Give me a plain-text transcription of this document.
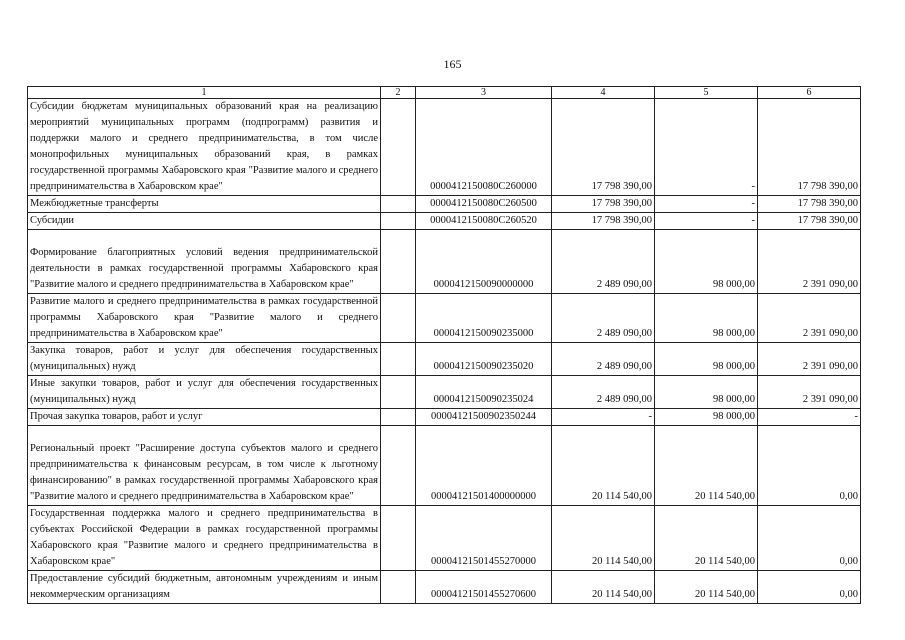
165
1	2	3	4	5	6
Субсидии бюджетам муниципальных образований края на реализацию мероприятий муниципальных программ (подпрограмм) развития и поддержки малого и среднего предпринимательства, в том числе монопрофильных муниципальных образований края, в рамках государственной программы Хабаровского края "Развитие малого и среднего предпринимательства в Хабаровском крае"		0000412150080C260000	17 798 390,00	-	17 798 390,00
Межбюджетные трансферты		0000412150080C260500	17 798 390,00	-	17 798 390,00
Субсидии		0000412150080C260520	17 798 390,00	-	17 798 390,00
Формирование благоприятных условий ведения предпринимательской деятельности в рамках государственной программы Хабаровского края "Развитие малого и среднего предпринимательства в Хабаровском крае"		0000412150090000000	2 489 090,00	98 000,00	2 391 090,00
Развитие малого и среднего предпринимательства в рамках государственной программы Хабаровского края "Развитие малого и среднего предпринимательства в Хабаровском крае"		0000412150090235000	2 489 090,00	98 000,00	2 391 090,00
Закупка товаров, работ и услуг для обеспечения государственных (муниципальных) нужд		0000412150090235020	2 489 090,00	98 000,00	2 391 090,00
Иные закупки товаров, работ и услуг для обеспечения государственных (муниципальных) нужд		0000412150090235024	2 489 090,00	98 000,00	2 391 090,00
Прочая закупка товаров, работ и услуг		00004121500902350244	-	98 000,00	-
Региональный проект "Расширение доступа субъектов малого и среднего предпринимательства к финансовым ресурсам, в том числе к льготному финансированию" в рамках государственной программы Хабаровского края "Развитие малого и среднего предпринимательства в Хабаровском крае"		00004121501400000000	20 114 540,00	20 114 540,00	0,00
Государственная поддержка малого и среднего предпринимательства в субъектах Российской Федерации в рамках государственной программы Хабаровского края "Развитие малого и среднего предпринимательства в Хабаровском крае"		00004121501455270000	20 114 540,00	20 114 540,00	0,00
Предоставление субсидий бюджетным, автономным учреждениям и иным некоммерческим организациям		00004121501455270600	20 114 540,00	20 114 540,00	0,00
